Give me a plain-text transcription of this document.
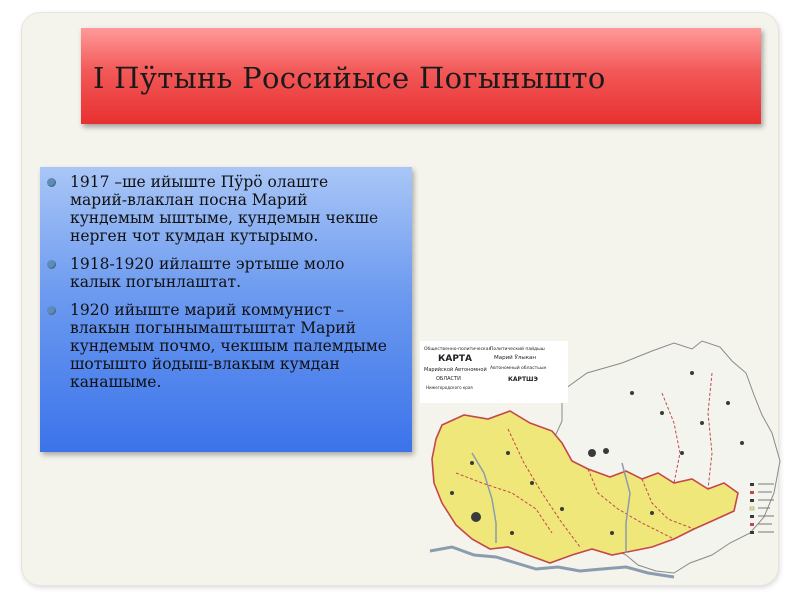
I Пӱтынь Российысе Погынышто
1917 –ше ийыште Пӱрӧ олаште
марий-влаклан посна Марий
кундемым ыштыме, кундемын чекше
нерген чот кумдан кутырымо.
1918-1920 ийлаште эртыше моло
калык погынлаштат.
1920 ийыште марий коммунист –
влакын погынымаштыштат Марий
кундемым почмо, чекшым палемдыме
шотышто йодыш-влакым кумдан
канашыме.
Общественно-политическая
КАРТА
Марийской Автономной
ОБЛАСТИ
Нижегородского края
Политический пайдыш
Марий Ӱлыкан
Автономный областьын
КАРТШЭ
